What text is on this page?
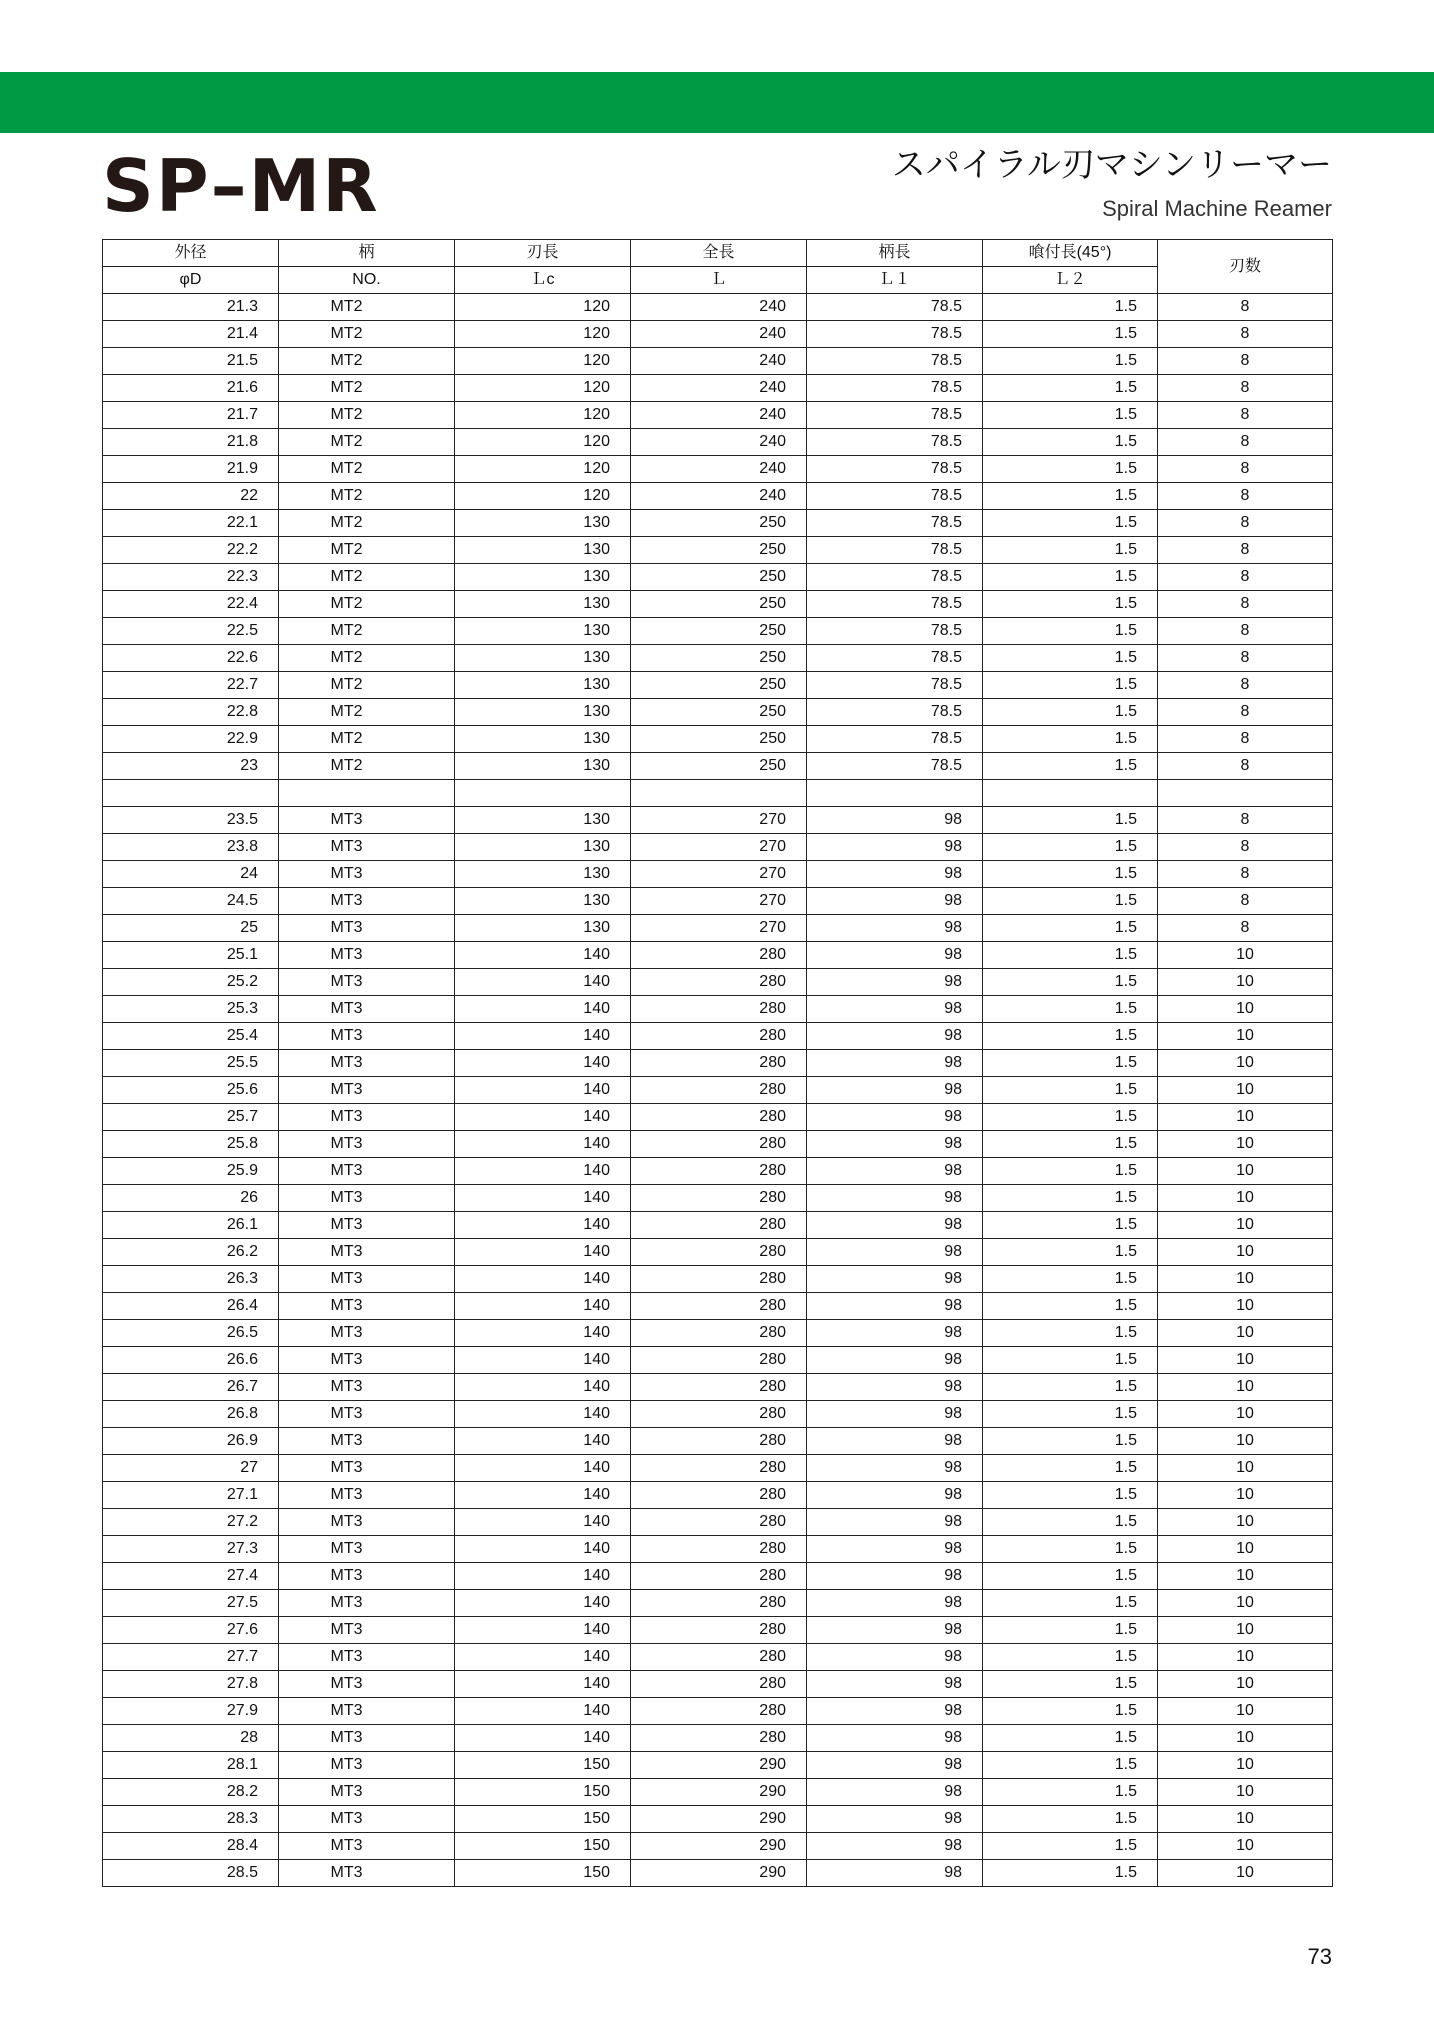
SP–MR	スパイラル刃マシンリーマー
Spiral Machine Reamer
外径	柄	刃長	全長	柄長	喰付長(45°)	刃数
φD	NO.	Ｌc	Ｌ	Ｌ１	Ｌ２	
21.3	MT2	120	240	78.5	1.5	8
21.4	MT2	120	240	78.5	1.5	8
21.5	MT2	120	240	78.5	1.5	8
21.6	MT2	120	240	78.5	1.5	8
21.7	MT2	120	240	78.5	1.5	8
21.8	MT2	120	240	78.5	1.5	8
21.9	MT2	120	240	78.5	1.5	8
22	MT2	120	240	78.5	1.5	8
22.1	MT2	130	250	78.5	1.5	8
22.2	MT2	130	250	78.5	1.5	8
22.3	MT2	130	250	78.5	1.5	8
22.4	MT2	130	250	78.5	1.5	8
22.5	MT2	130	250	78.5	1.5	8
22.6	MT2	130	250	78.5	1.5	8
22.7	MT2	130	250	78.5	1.5	8
22.8	MT2	130	250	78.5	1.5	8
22.9	MT2	130	250	78.5	1.5	8
23	MT2	130	250	78.5	1.5	8

23.5	MT3	130	270	98	1.5	8
23.8	MT3	130	270	98	1.5	8
24	MT3	130	270	98	1.5	8
24.5	MT3	130	270	98	1.5	8
25	MT3	130	270	98	1.5	8
25.1	MT3	140	280	98	1.5	10
25.2	MT3	140	280	98	1.5	10
25.3	MT3	140	280	98	1.5	10
25.4	MT3	140	280	98	1.5	10
25.5	MT3	140	280	98	1.5	10
25.6	MT3	140	280	98	1.5	10
25.7	MT3	140	280	98	1.5	10
25.8	MT3	140	280	98	1.5	10
25.9	MT3	140	280	98	1.5	10
26	MT3	140	280	98	1.5	10
26.1	MT3	140	280	98	1.5	10
26.2	MT3	140	280	98	1.5	10
26.3	MT3	140	280	98	1.5	10
26.4	MT3	140	280	98	1.5	10
26.5	MT3	140	280	98	1.5	10
26.6	MT3	140	280	98	1.5	10
26.7	MT3	140	280	98	1.5	10
26.8	MT3	140	280	98	1.5	10
26.9	MT3	140	280	98	1.5	10
27	MT3	140	280	98	1.5	10
27.1	MT3	140	280	98	1.5	10
27.2	MT3	140	280	98	1.5	10
27.3	MT3	140	280	98	1.5	10
27.4	MT3	140	280	98	1.5	10
27.5	MT3	140	280	98	1.5	10
27.6	MT3	140	280	98	1.5	10
27.7	MT3	140	280	98	1.5	10
27.8	MT3	140	280	98	1.5	10
27.9	MT3	140	280	98	1.5	10
28	MT3	140	280	98	1.5	10
28.1	MT3	150	290	98	1.5	10
28.2	MT3	150	290	98	1.5	10
28.3	MT3	150	290	98	1.5	10
28.4	MT3	150	290	98	1.5	10
28.5	MT3	150	290	98	1.5	10
73
